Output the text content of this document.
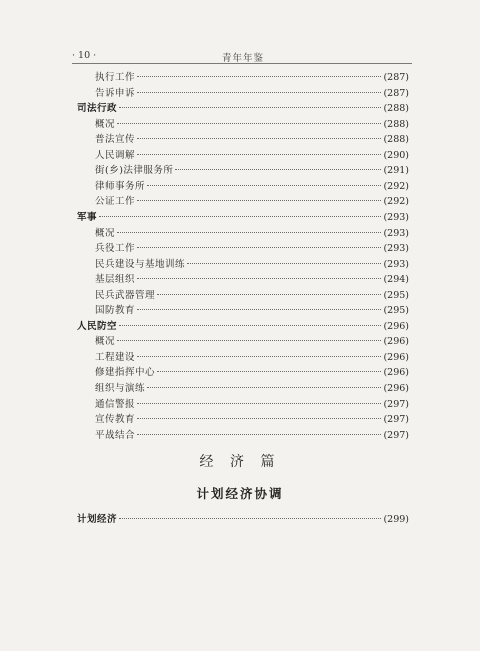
· 10 ·	青年年鉴
执行工作	(287)
告诉申诉	(287)
司法行政	(288)
概况	(288)
普法宣传	(288)
人民调解	(290)
街(乡)法律服务所	(291)
律师事务所	(292)
公证工作	(292)
军事	(293)
概况	(293)
兵役工作	(293)
民兵建设与基地训练	(293)
基层组织	(294)
民兵武器管理	(295)
国防教育	(295)
人民防空	(296)
概况	(296)
工程建设	(296)
修建指挥中心	(296)
组织与演练	(296)
通信警报	(297)
宣传教育	(297)
平战结合	(297)
经 济 篇
计划经济协调
计划经济	(299)
